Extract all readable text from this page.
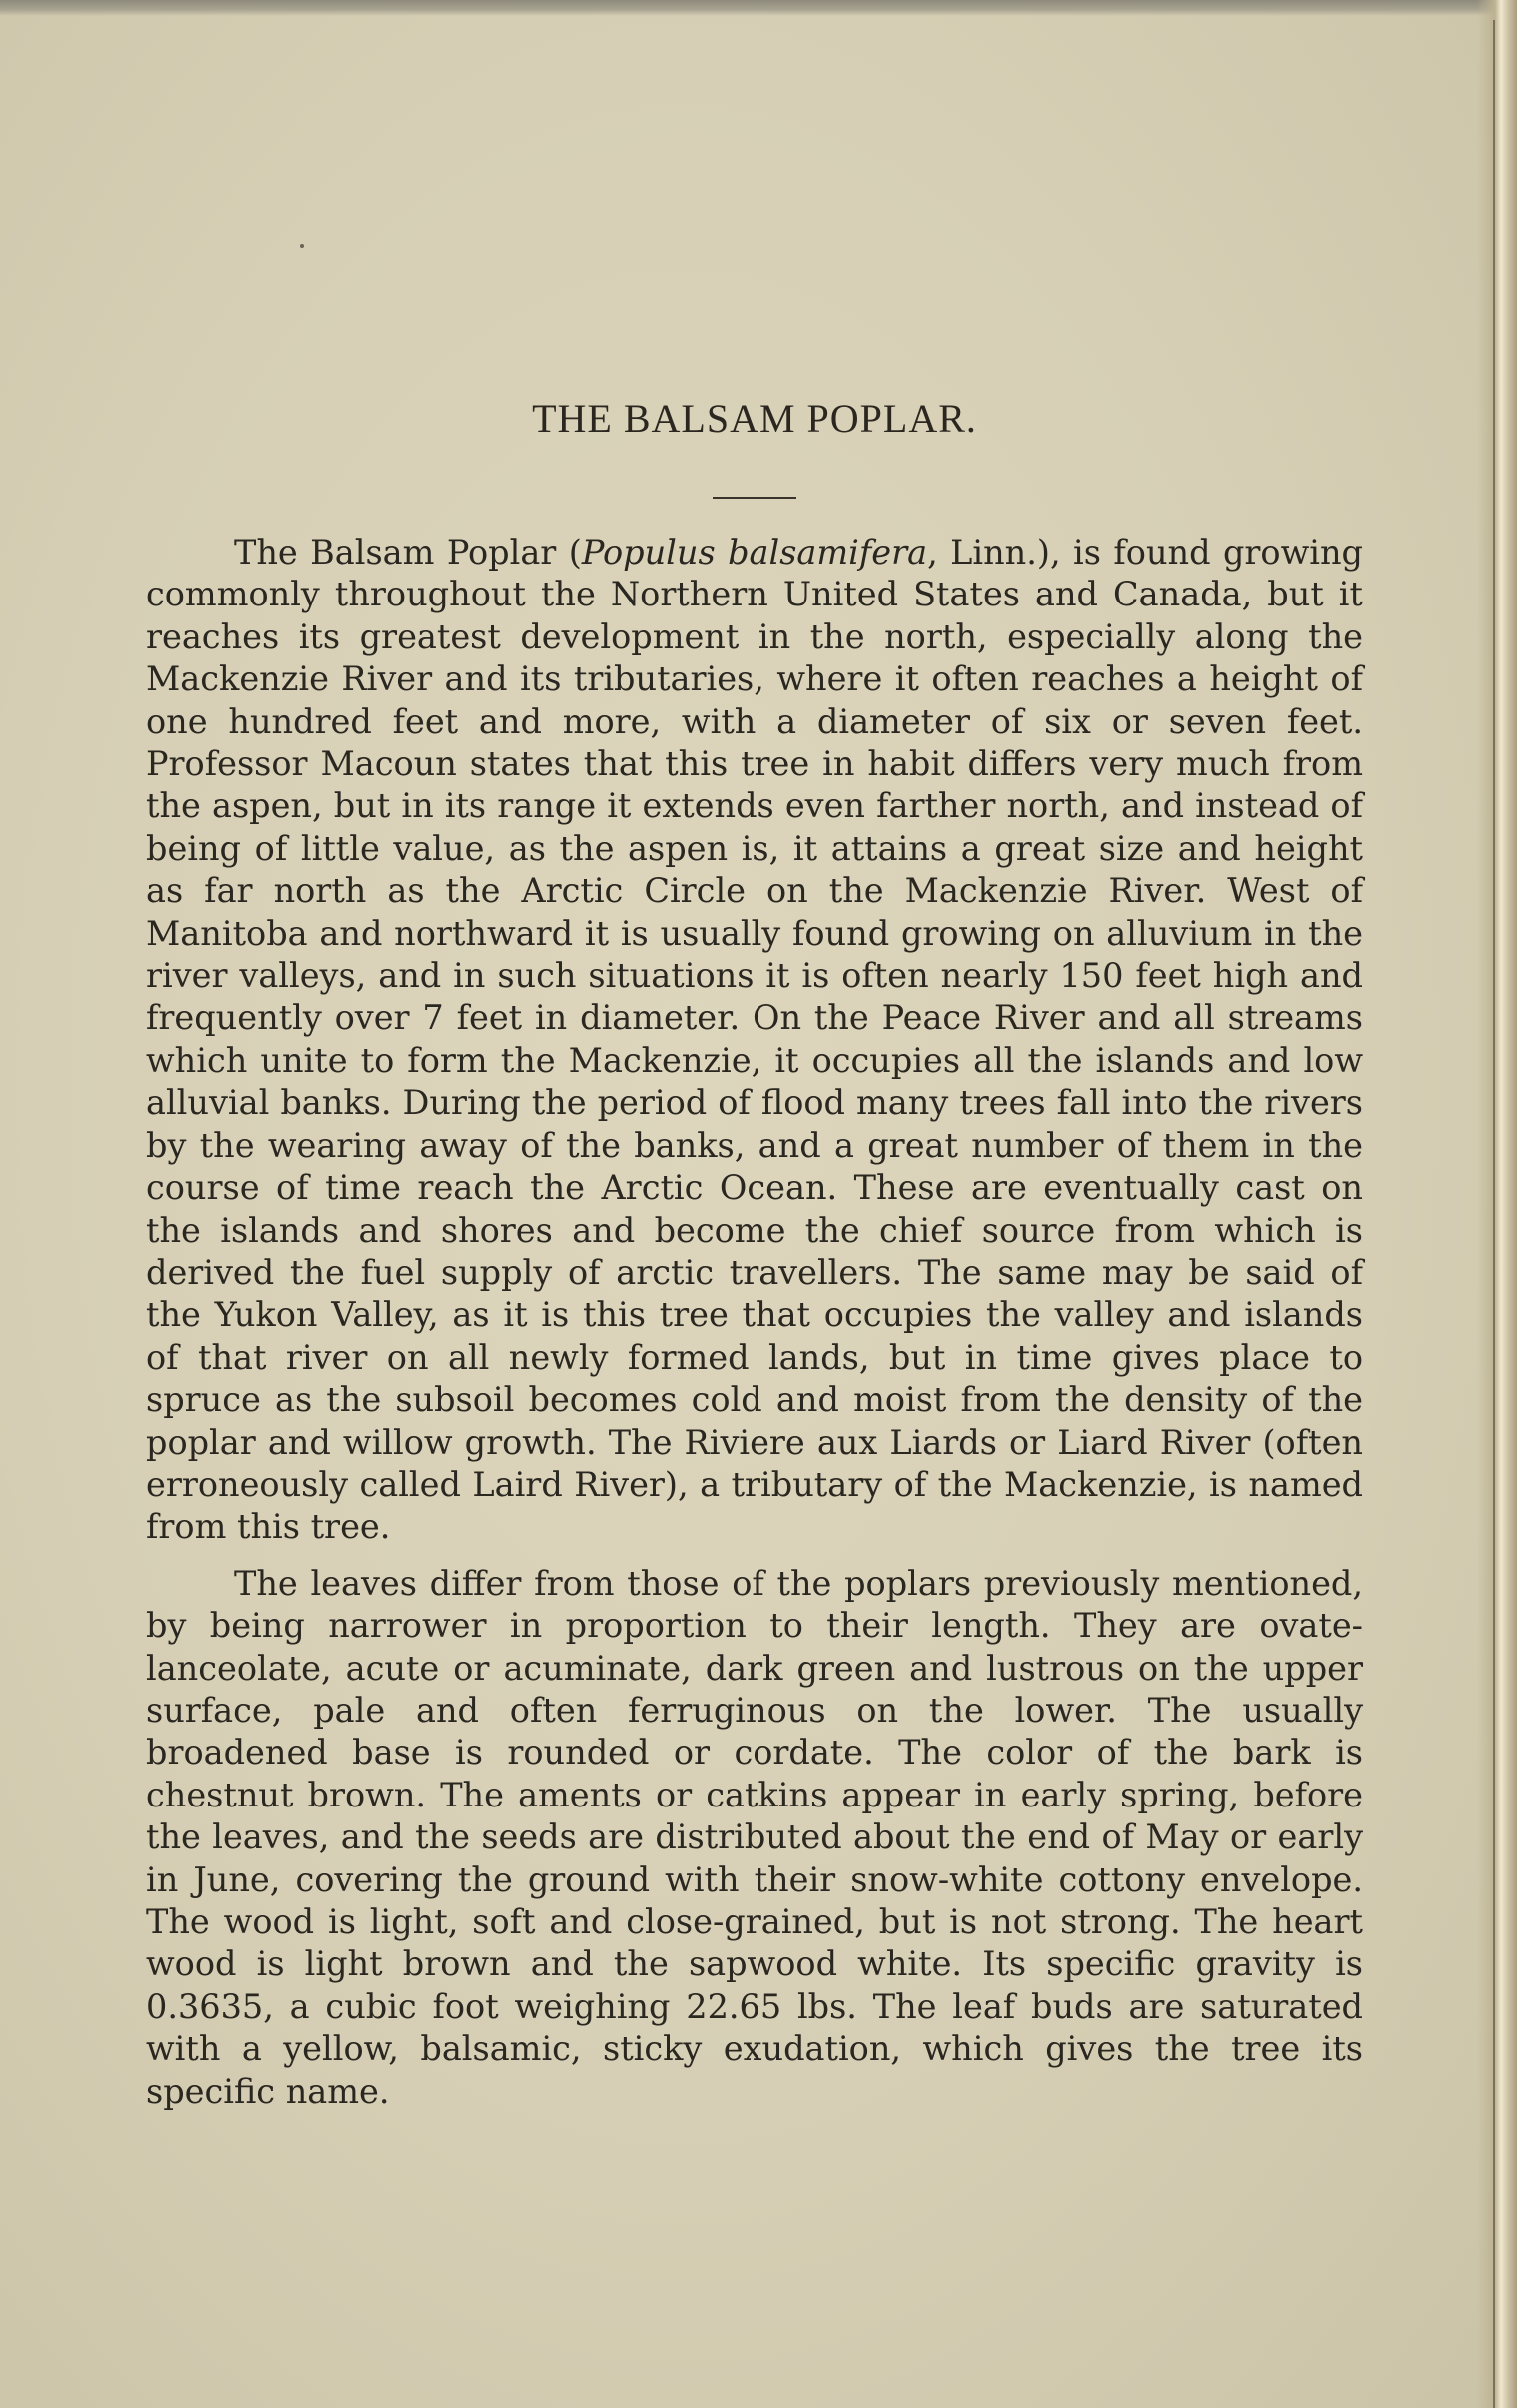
THE BALSAM POPLAR.

The Balsam Poplar (Populus balsamifera, Linn.), is found growing commonly throughout the Northern United States and Canada, but it reaches its greatest development in the north, especially along the Mackenzie River and its tributaries, where it often reaches a height of one hundred feet and more, with a diameter of six or seven feet. Professor Macoun states that this tree in habit differs very much from the aspen, but in its range it extends even farther north, and instead of being of little value, as the aspen is, it attains a great size and height as far north as the Arctic Circle on the Mackenzie River. West of Manitoba and northward it is usually found growing on alluvium in the river valleys, and in such situations it is often nearly 150 feet high and frequently over 7 feet in diameter. On the Peace River and all streams which unite to form the Mackenzie, it occupies all the islands and low alluvial banks. During the period of flood many trees fall into the rivers by the wearing away of the banks, and a great number of them in the course of time reach the Arctic Ocean. These are eventually cast on the islands and shores and become the chief source from which is derived the fuel supply of arctic travellers. The same may be said of the Yukon Valley, as it is this tree that occupies the valley and islands of that river on all newly formed lands, but in time gives place to spruce as the subsoil becomes cold and moist from the density of the poplar and willow growth. The Riviere aux Liards or Liard River (often erroneously called Laird River), a tributary of the Mackenzie, is named from this tree.

The leaves differ from those of the poplars previously mentioned, by being narrower in proportion to their length. They are ovate-lanceolate, acute or acuminate, dark green and lustrous on the upper surface, pale and often ferruginous on the lower. The usually broadened base is rounded or cordate. The color of the bark is chestnut brown. The aments or catkins appear in early spring, before the leaves, and the seeds are distributed about the end of May or early in June, covering the ground with their snow-white cottony envelope. The wood is light, soft and close-grained, but is not strong. The heart wood is light brown and the sapwood white. Its specific gravity is 0.3635, a cubic foot weighing 22.65 lbs. The leaf buds are saturated with a yellow, balsamic, sticky exudation, which gives the tree its specific name.
